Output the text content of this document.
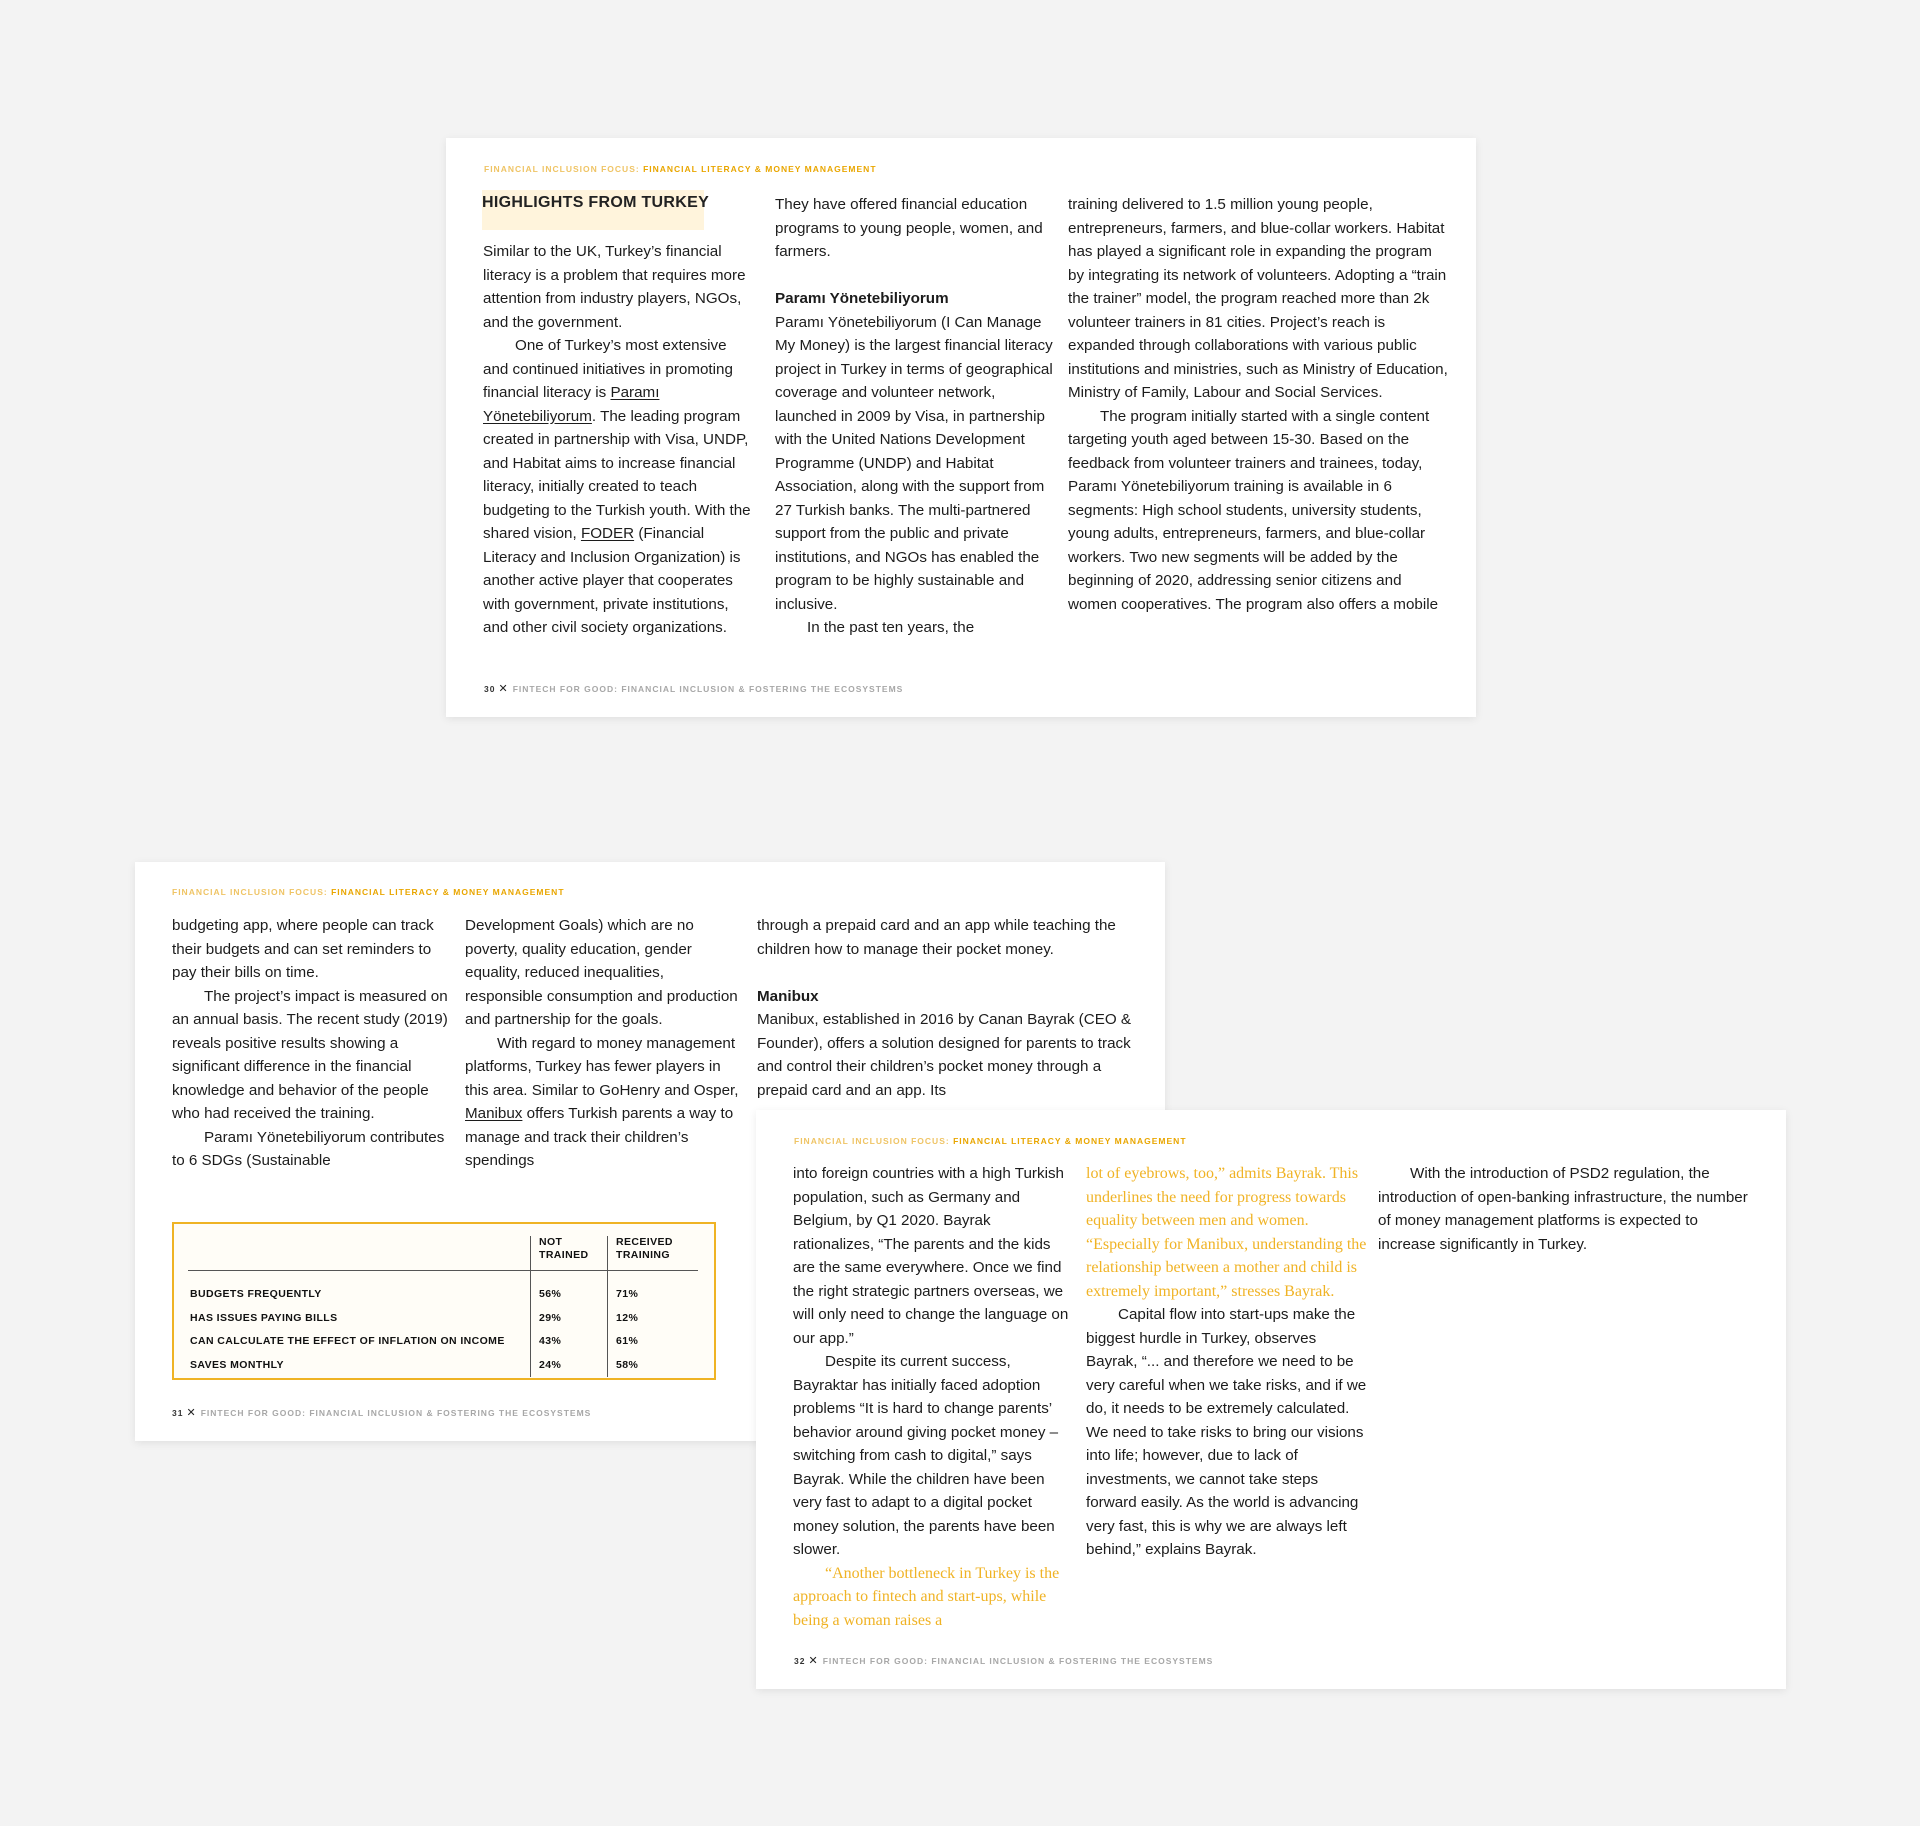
FINANCIAL INCLUSION FOCUS: FINANCIAL LITERACY & MONEY MANAGEMENT
HIGHLIGHTS FROM TURKEY

Similar to the UK, Turkey’s financial literacy is a problem that requires more attention from industry players, NGOs, and the government.

One of Turkey’s most extensive and continued initiatives in promoting financial literacy is Paramı Yönetebiliyorum. The leading program created in partnership with Visa, UNDP, and Habitat aims to increase financial literacy, initially created to teach budgeting to the Turkish youth. With the shared vision, FODER (Financial Literacy and Inclusion Organization) is another active player that cooperates with government, private institutions, and other civil society organizations.

They have offered financial education programs to young people, women, and farmers.

Paramı Yönetebiliyorum

Paramı Yönetebiliyorum (I Can Manage My Money) is the largest financial literacy project in Turkey in terms of geographical coverage and volunteer network, launched in 2009 by Visa, in partnership with the United Nations Development Programme (UNDP) and Habitat Association, along with the support from 27 Turkish banks. The multi-partnered support from the public and private institutions, and NGOs has enabled the program to be highly sustainable and inclusive.

In the past ten years, the

training delivered to 1.5 million young people, entrepreneurs, farmers, and blue-collar workers. Habitat has played a significant role in expanding the program by integrating its network of volunteers. Adopting a “train the trainer” model, the program reached more than 2k volunteer trainers in 81 cities. Project’s reach is expanded through collaborations with various public institutions and ministries, such as Ministry of Education, Ministry of Family, Labour and Social Services.

The program initially started with a single content targeting youth aged between 15-30. Based on the feedback from volunteer trainers and trainees, today, Paramı Yönetebiliyorum training is available in 6 segments: High school students, university students, young adults, entrepreneurs, farmers, and blue-collar workers. Two new segments will be added by the beginning of 2020, addressing senior citizens and women cooperatives. The program also offers a mobile

30 ✕ FINTECH FOR GOOD: FINANCIAL INCLUSION & FOSTERING THE ECOSYSTEMS
FINANCIAL INCLUSION FOCUS: FINANCIAL LITERACY & MONEY MANAGEMENT

budgeting app, where people can track their budgets and can set reminders to pay their bills on time.

The project’s impact is measured on an annual basis. The recent study (2019) reveals positive results showing a significant difference in the financial knowledge and behavior of the people who had received the training.

Paramı Yönetebiliyorum contributes to 6 SDGs (Sustainable

Development Goals) which are no poverty, quality education, gender equality, reduced inequalities, responsible consumption and production and partnership for the goals.

With regard to money management platforms, Turkey has fewer players in this area. Similar to GoHenry and Osper, Manibux offers Turkish parents a way to manage and track their children’s spendings

through a prepaid card and an app while teaching the children how to manage their pocket money.

Manibux

Manibux, established in 2016 by Canan Bayrak (CEO & Founder), offers a solution designed for parents to track and control their children’s pocket money through a prepaid card and an app. Its

	NOT TRAINED	RECEIVED TRAINING
BUDGETS FREQUENTLY	56%	71%
HAS ISSUES PAYING BILLS	29%	12%
CAN CALCULATE THE EFFECT OF INFLATION ON INCOME	43%	61%
SAVES MONTHLY	24%	58%
31 ✕ FINTECH FOR GOOD: FINANCIAL INCLUSION & FOSTERING THE ECOSYSTEMS
FINANCIAL INCLUSION FOCUS: FINANCIAL LITERACY & MONEY MANAGEMENT

into foreign countries with a high Turkish population, such as Germany and Belgium, by Q1 2020. Bayrak rationalizes, “The parents and the kids are the same everywhere. Once we find the right strategic partners overseas, we will only need to change the language on our app.”

Despite its current success, Bayraktar has initially faced adoption problems “It is hard to change parents’ behavior around giving pocket money – switching from cash to digital,” says Bayrak. While the children have been very fast to adapt to a digital pocket money solution, the parents have been slower.

“Another bottleneck in Turkey is the approach to fintech and start-ups, while being a woman raises a

lot of eyebrows, too,” admits Bayrak. This underlines the need for progress towards equality between men and women. “Especially for Manibux, understanding the relationship between a mother and child is extremely important,” stresses Bayrak.

Capital flow into start-ups make the biggest hurdle in Turkey, observes Bayrak, “... and therefore we need to be very careful when we take risks, and if we do, it needs to be extremely calculated. We need to take risks to bring our visions into life; however, due to lack of investments, we cannot take steps forward easily. As the world is advancing very fast, this is why we are always left behind,” explains Bayrak.

With the introduction of PSD2 regulation, the introduction of open-banking infrastructure, the number of money management platforms is expected to increase significantly in Turkey.

32 ✕ FINTECH FOR GOOD: FINANCIAL INCLUSION & FOSTERING THE ECOSYSTEMS
